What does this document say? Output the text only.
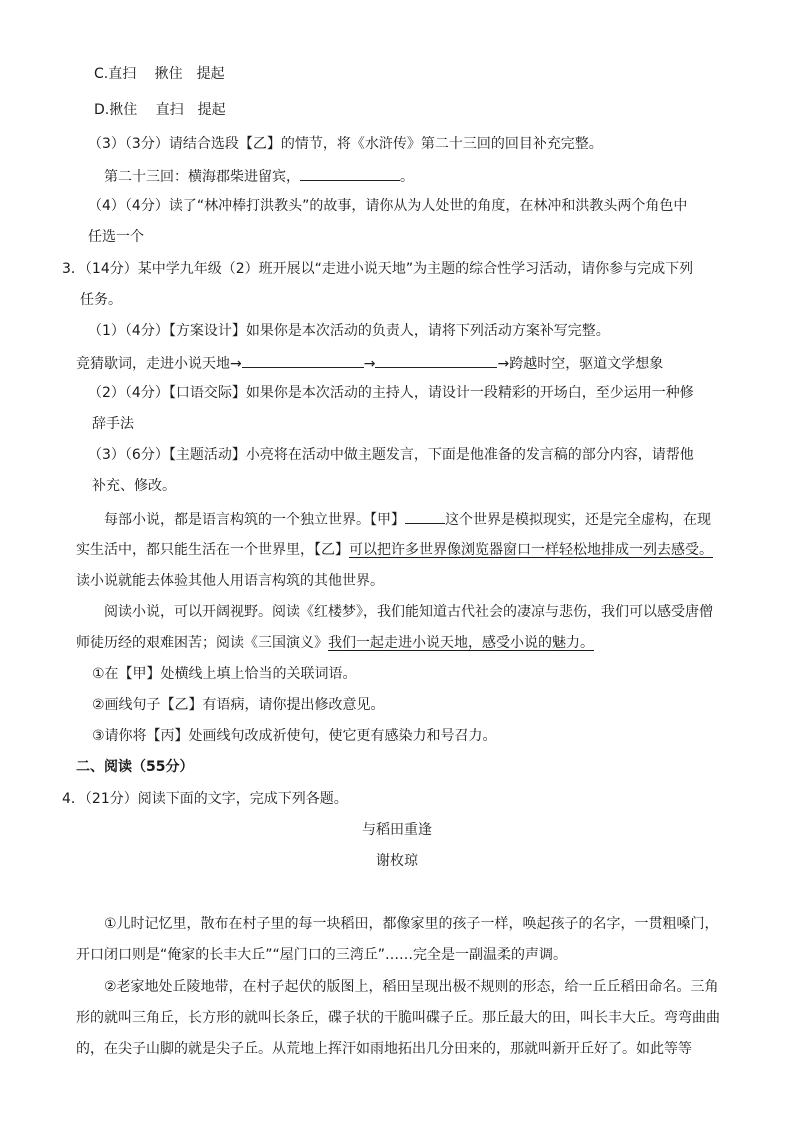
C.直扫　 揪住　提起
D.揪住　 直扫　提起
（3）（3分）请结合选段【乙】的情节，将《水浒传》第二十三回的回目补充完整。
第二十三回：横海郡柴进留宾，	。
（4）（4分）读了“林冲棒打洪教头”的故事，请你从为人处世的角度，在林冲和洪教头两个角色中
任选一个
3．（14分）某中学九年级（2）班开展以“走进小说天地”为主题的综合性学习活动，请你参与完成下列
任务。
（1）（4分）【方案设计】如果你是本次活动的负责人，请将下列活动方案补写完整。
竞猜歇词，走进小说天地→	→	→跨越时空，驱道文学想象
（2）（4分）【口语交际】如果你是本次活动的主持人，请设计一段精彩的开场白，至少运用一种修
辞手法
（3）（6分）【主题活动】小亮将在活动中做主题发言，下面是他准备的发言稿的部分内容，请帮他
补充、修改。
每部小说，都是语言构筑的一个独立世界。【甲】	这个世界是模拟现实，还是完全虚构，在现
实生活中，都只能生活在一个世界里，【乙】可以把许多世界像浏览器窗口一样轻松地排成一列去感受。
读小说就能去体验其他人用语言构筑的其他世界。
阅读小说，可以开阔视野。阅读《红楼梦》，我们能知道古代社会的凄凉与悲伤，我们可以感受唐僧
师徒历经的艰难困苦；阅读《三国演义》我们一起走进小说天地，感受小说的魅力。
①在【甲】处横线上填上恰当的关联词语。
②画线句子【乙】有语病，请你提出修改意见。
③请你将【丙】处画线句改成祈使句，使它更有感染力和号召力。
二、阅读（55分）
4．（21分）阅读下面的文字，完成下列各题。
与稻田重逢
谢枚琼
①儿时记忆里，散布在村子里的每一块稻田，都像家里的孩子一样，唤起孩子的名字，一贯粗嗓门，
开口闭口则是“俺家的长丰大丘”“屋门口的三湾丘”……完全是一副温柔的声调。
②老家地处丘陵地带，在村子起伏的版图上，稻田呈现出极不规则的形态，给一丘丘稻田命名。三角
形的就叫三角丘，长方形的就叫长条丘，碟子状的干脆叫碟子丘。那丘最大的田，叫长丰大丘。弯弯曲曲
的，在尖子山脚的就是尖子丘。从荒地上挥汗如雨地拓出几分田来的，那就叫新开丘好了。如此等等
